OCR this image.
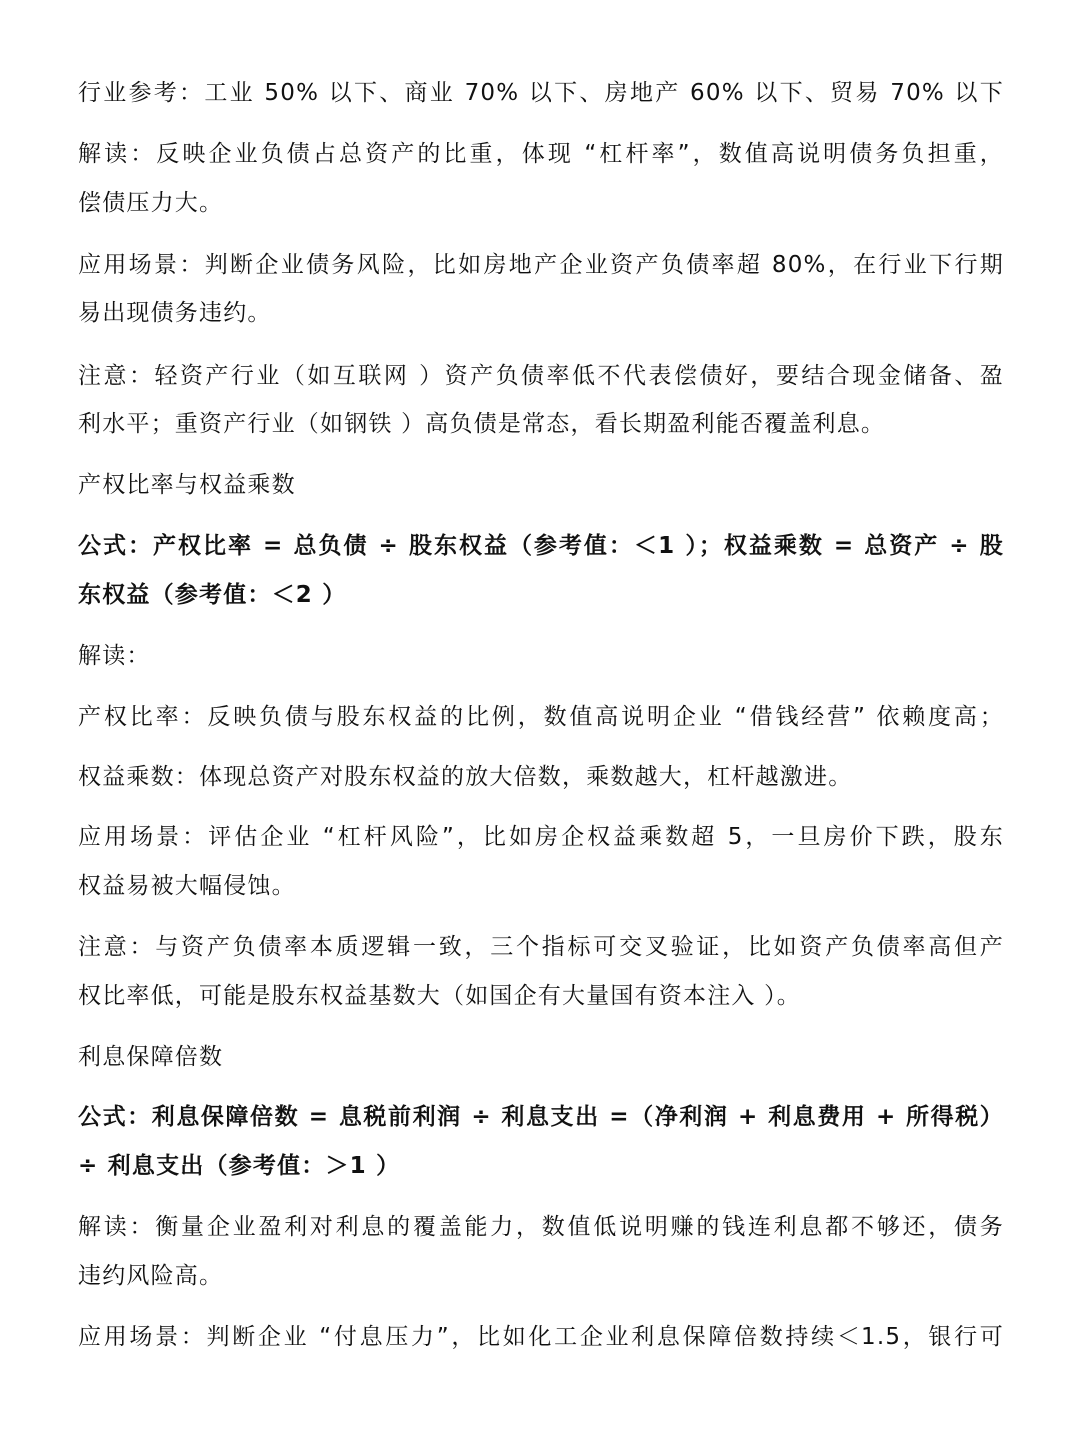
行业参考：工业 50% 以下、商业 70% 以下、房地产 60% 以下、贸易 70% 以下
解读：反映企业负债占总资产的比重，体现 “杠杆率”，数值高说明债务负担重，
偿债压力大。
应用场景：判断企业债务风险，比如房地产企业资产负债率超 80%，在行业下行期
易出现债务违约。
注意：轻资产行业（如互联网 ）资产负债率低不代表偿债好，要结合现金储备、盈
利水平；重资产行业（如钢铁 ）高负债是常态，看长期盈利能否覆盖利息。
产权比率与权益乘数
公式：产权比率 = 总负债 ÷ 股东权益（参考值：＜1 ）；权益乘数 = 总资产 ÷ 股
东权益（参考值：＜2 ）
解读：
产权比率：反映负债与股东权益的比例，数值高说明企业 “借钱经营” 依赖度高；
权益乘数：体现总资产对股东权益的放大倍数，乘数越大，杠杆越激进。
应用场景：评估企业 “杠杆风险”，比如房企权益乘数超 5，一旦房价下跌，股东
权益易被大幅侵蚀。
注意：与资产负债率本质逻辑一致，三个指标可交叉验证，比如资产负债率高但产
权比率低，可能是股东权益基数大（如国企有大量国有资本注入 ）。
利息保障倍数
公式：利息保障倍数 = 息税前利润 ÷ 利息支出 =（净利润 + 利息费用 + 所得税）
÷ 利息支出（参考值：＞1 ）
解读：衡量企业盈利对利息的覆盖能力，数值低说明赚的钱连利息都不够还，债务
违约风险高。
应用场景：判断企业 “付息压力”，比如化工企业利息保障倍数持续＜1.5，银行可
